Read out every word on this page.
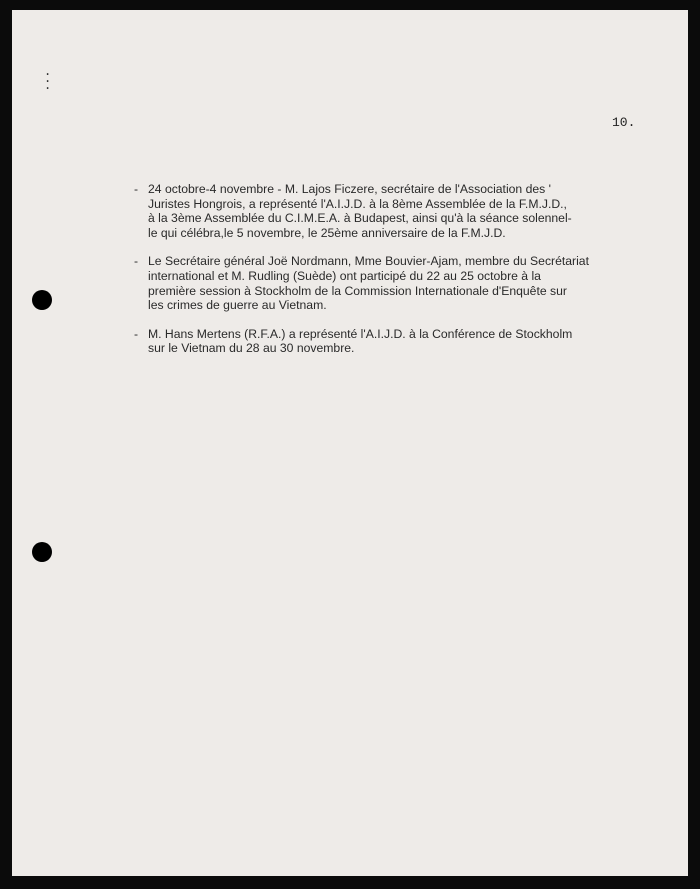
.
.
.
10.
- 24 octobre-4 novembre - M. Lajos Ficzere, secrétaire de l'Association des '
Juristes Hongrois, a représenté l'A.I.J.D. à la 8ème Assemblée de la F.M.J.D.,
à la 3ème Assemblée du C.I.M.E.A. à Budapest, ainsi qu'à la séance solennel-
le qui célébra,le 5 novembre, le 25ème anniversaire de la F.M.J.D.
- Le Secrétaire général Joë Nordmann, Mme Bouvier-Ajam, membre du Secrétariat
international et M. Rudling (Suède) ont participé du 22 au 25 octobre à la
première session à Stockholm de la Commission Internationale d'Enquête sur
les crimes de guerre au Vietnam.
- M. Hans Mertens (R.F.A.) a représenté l'A.I.J.D. à la Conférence de Stockholm
sur le Vietnam du 28 au 30 novembre.
